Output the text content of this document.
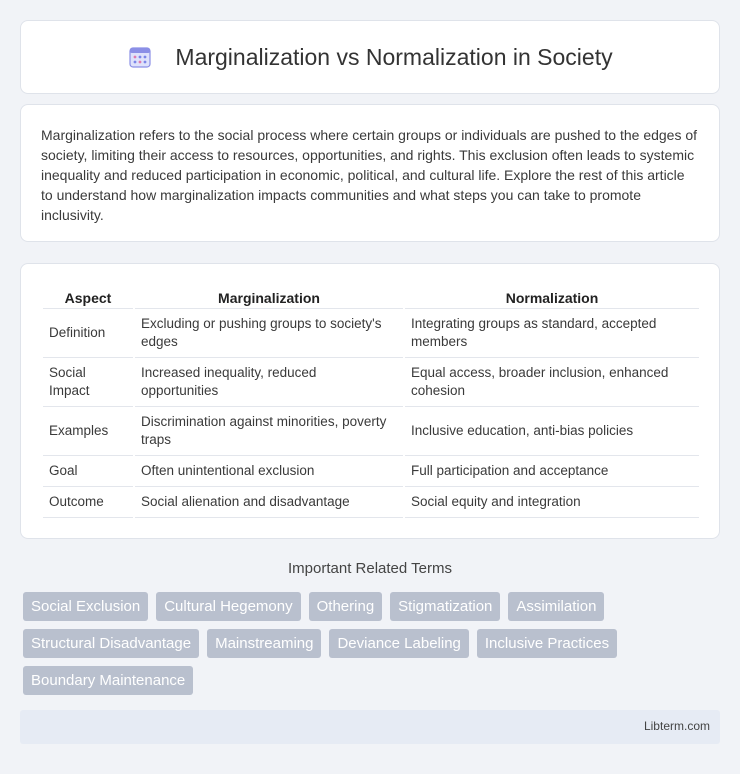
Marginalization vs Normalization in Society

Marginalization refers to the social process where certain groups or individuals are pushed to the edges of society, limiting their access to resources, opportunities, and rights. This exclusion often leads to systemic inequality and reduced participation in economic, political, and cultural life. Explore the rest of this article to understand how marginalization impacts communities and what steps you can take to promote inclusivity.

Aspect	Marginalization	Normalization
Definition	Excluding or pushing groups to society's edges	Integrating groups as standard, accepted members
Social Impact	Increased inequality, reduced opportunities	Equal access, broader inclusion, enhanced cohesion
Examples	Discrimination against minorities, poverty traps	Inclusive education, anti-bias policies
Goal	Often unintentional exclusion	Full participation and acceptance
Outcome	Social alienation and disadvantage	Social equity and integration
Important Related Terms
Social Exclusion	Cultural Hegemony	Othering	Stigmatization	Assimilation
Structural Disadvantage	Mainstreaming	Deviance Labeling	Inclusive Practices
Boundary Maintenance
Libterm.com
